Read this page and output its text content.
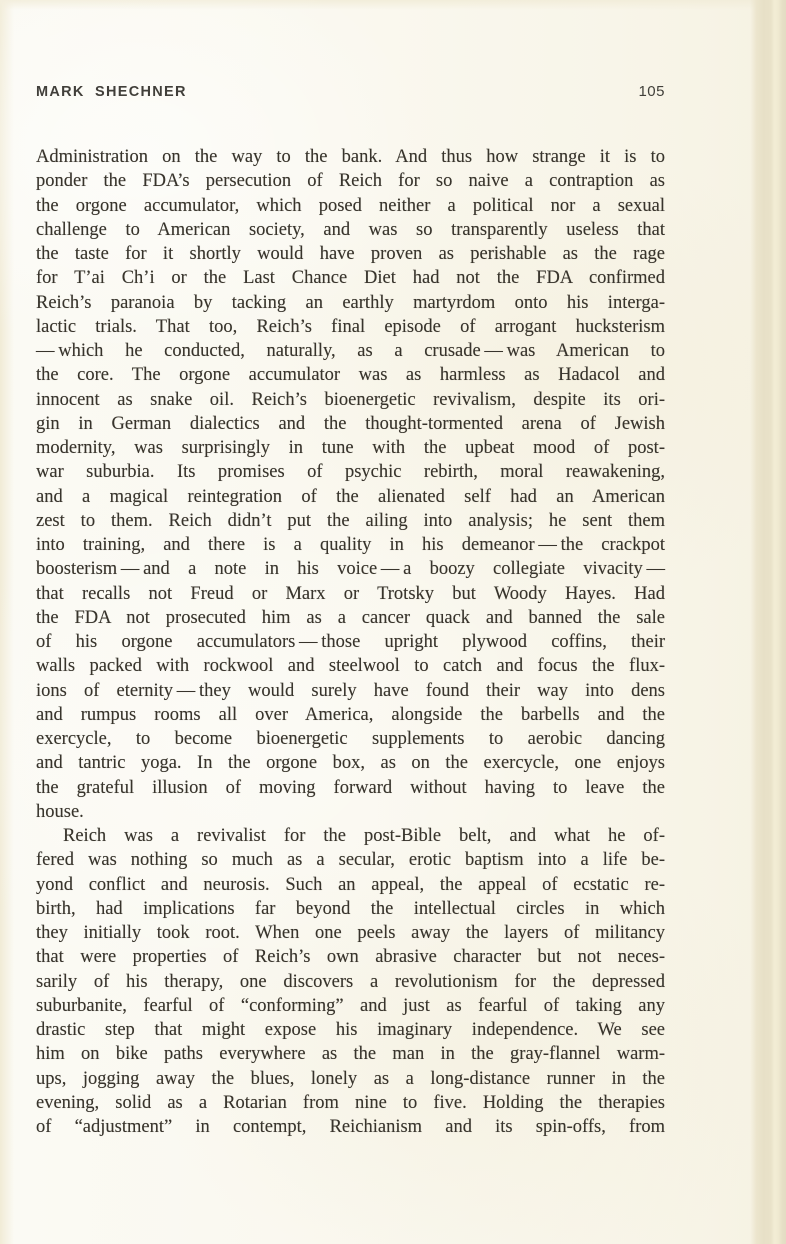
MARK SHECHNER	105
Administration on the way to the bank. And thus how strange it is to
ponder the FDA’s persecution of Reich for so naive a contraption as
the orgone accumulator, which posed neither a political nor a sexual
challenge to American society, and was so transparently useless that
the taste for it shortly would have proven as perishable as the rage
for T’ai Ch’i or the Last Chance Diet had not the FDA confirmed
Reich’s paranoia by tacking an earthly martyrdom onto his interga-
lactic trials. That too, Reich’s final episode of arrogant hucksterism
— which he conducted, naturally, as a crusade — was American to
the core. The orgone accumulator was as harmless as Hadacol and
innocent as snake oil. Reich’s bioenergetic revivalism, despite its ori-
gin in German dialectics and the thought-tormented arena of Jewish
modernity, was surprisingly in tune with the upbeat mood of post-
war suburbia. Its promises of psychic rebirth, moral reawakening,
and a magical reintegration of the alienated self had an American
zest to them. Reich didn’t put the ailing into analysis; he sent them
into training, and there is a quality in his demeanor — the crackpot
boosterism — and a note in his voice — a boozy collegiate vivacity —
that recalls not Freud or Marx or Trotsky but Woody Hayes. Had
the FDA not prosecuted him as a cancer quack and banned the sale
of his orgone accumulators — those upright plywood coffins, their
walls packed with rockwool and steelwool to catch and focus the flux-
ions of eternity — they would surely have found their way into dens
and rumpus rooms all over America, alongside the barbells and the
exercycle, to become bioenergetic supplements to aerobic dancing
and tantric yoga. In the orgone box, as on the exercycle, one enjoys
the grateful illusion of moving forward without having to leave the
house.
Reich was a revivalist for the post-Bible belt, and what he of-
fered was nothing so much as a secular, erotic baptism into a life be-
yond conflict and neurosis. Such an appeal, the appeal of ecstatic re-
birth, had implications far beyond the intellectual circles in which
they initially took root. When one peels away the layers of militancy
that were properties of Reich’s own abrasive character but not neces-
sarily of his therapy, one discovers a revolutionism for the depressed
suburbanite, fearful of “conforming” and just as fearful of taking any
drastic step that might expose his imaginary independence. We see
him on bike paths everywhere as the man in the gray-flannel warm-
ups, jogging away the blues, lonely as a long-distance runner in the
evening, solid as a Rotarian from nine to five. Holding the therapies
of “adjustment” in contempt, Reichianism and its spin-offs, from
